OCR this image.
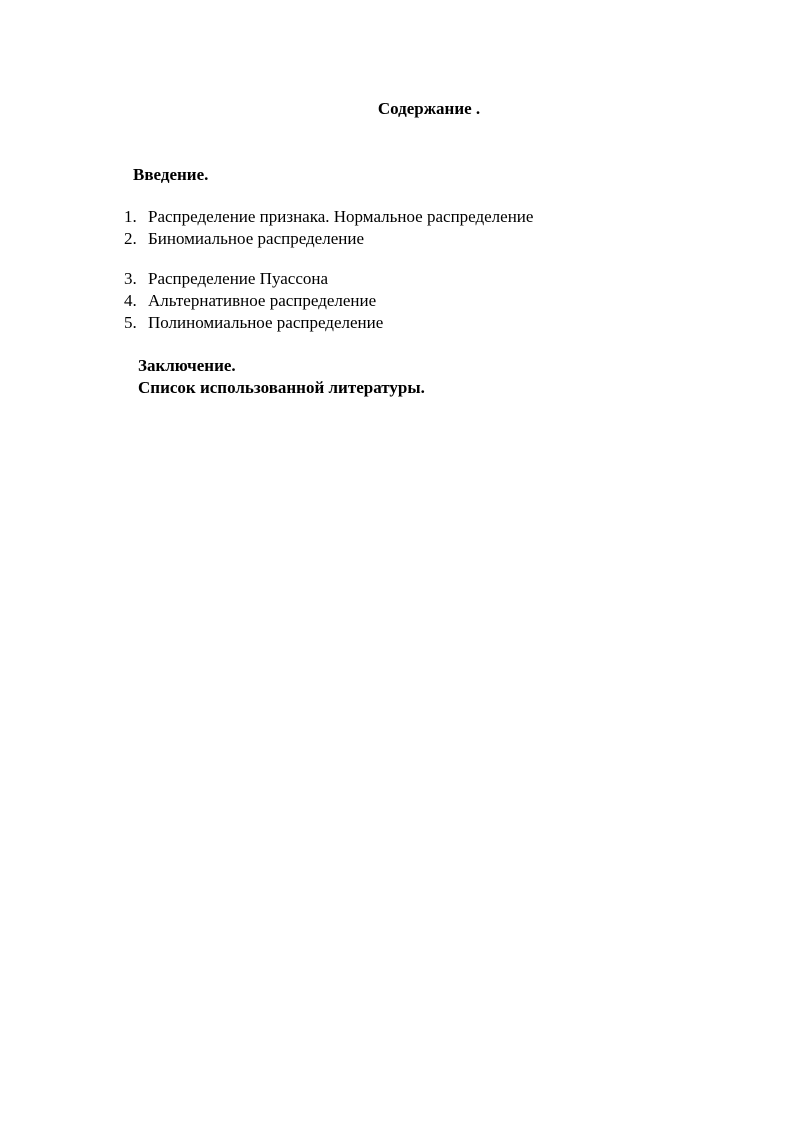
Содержание .
Введение.
1. Распределение признака. Нормальное распределение
2. Биномиальное распределение
3. Распределение Пуассона
4. Альтернативное распределение
5. Полиномиальное распределение
Заключение.
Список использованной литературы.
